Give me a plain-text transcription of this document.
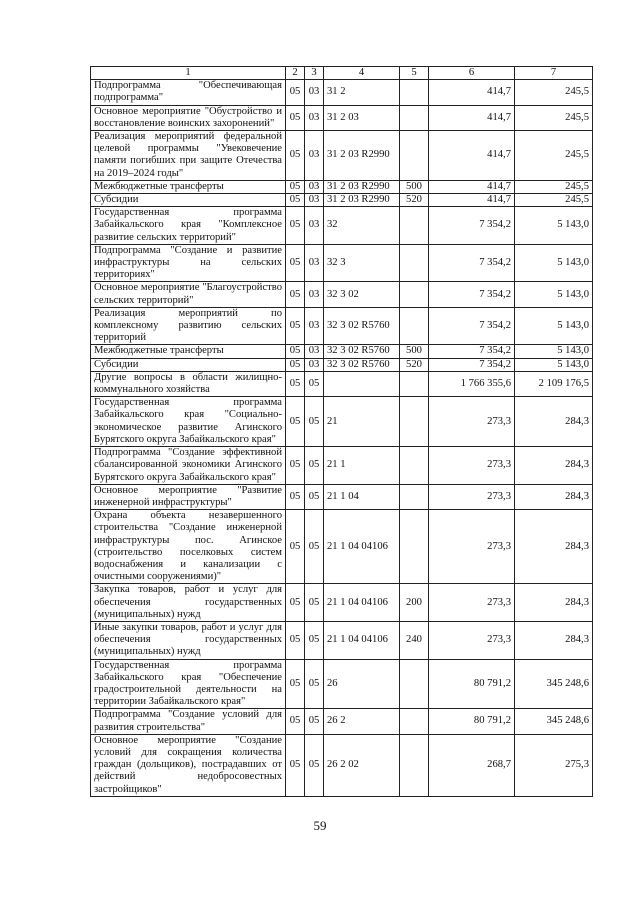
1	2	3	4	5	6	7
Подпрограмма "Обеспечивающая подпрограмма"	05	03	31 2		414,7	245,5
Основное мероприятие "Обустройство и восстановление воинских захоронений"	05	03	31 2 03		414,7	245,5
Реализация мероприятий федеральной целевой программы "Увековечение памяти погибших при защите Отечества на 2019–2024 годы"	05	03	31 2 03 R2990		414,7	245,5
Межбюджетные трансферты	05	03	31 2 03 R2990	500	414,7	245,5
Субсидии	05	03	31 2 03 R2990	520	414,7	245,5
Государственная программа Забайкальского края "Комплексное развитие сельских территорий"	05	03	32		7 354,2	5 143,0
Подпрограмма "Создание и развитие инфраструктуры на сельских территориях"	05	03	32 3		7 354,2	5 143,0
Основное мероприятие "Благоустройство сельских территорий"	05	03	32 3 02		7 354,2	5 143,0
Реализация мероприятий по комплексному развитию сельских территорий	05	03	32 3 02 R5760		7 354,2	5 143,0
Межбюджетные трансферты	05	03	32 3 02 R5760	500	7 354,2	5 143,0
Субсидии	05	03	32 3 02 R5760	520	7 354,2	5 143,0
Другие вопросы в области жилищно-коммунального хозяйства	05	05			1 766 355,6	2 109 176,5
Государственная программа Забайкальского края "Социально-экономическое развитие Агинского Бурятского округа Забайкальского края"	05	05	21		273,3	284,3
Подпрограмма "Создание эффективной сбалансированной экономики Агинского Бурятского округа Забайкальского края"	05	05	21 1		273,3	284,3
Основное мероприятие "Развитие инженерной инфраструктуры"	05	05	21 1 04		273,3	284,3
Охрана объекта незавершенного строительства "Создание инженерной инфраструктуры пос. Агинское (строительство поселковых систем водоснабжения и канализации с очистными сооружениями)"	05	05	21 1 04 04106		273,3	284,3
Закупка товаров, работ и услуг для обеспечения государственных (муниципальных) нужд	05	05	21 1 04 04106	200	273,3	284,3
Иные закупки товаров, работ и услуг для обеспечения государственных (муниципальных) нужд	05	05	21 1 04 04106	240	273,3	284,3
Государственная программа Забайкальского края "Обеспечение градостроительной деятельности на территории Забайкальского края"	05	05	26		80 791,2	345 248,6
Подпрограмма "Создание условий для развития строительства"	05	05	26 2		80 791,2	345 248,6
Основное мероприятие "Создание условий для сокращения количества граждан (дольщиков), пострадавших от действий недобросовестных застройщиков"	05	05	26 2 02		268,7	275,3
59
